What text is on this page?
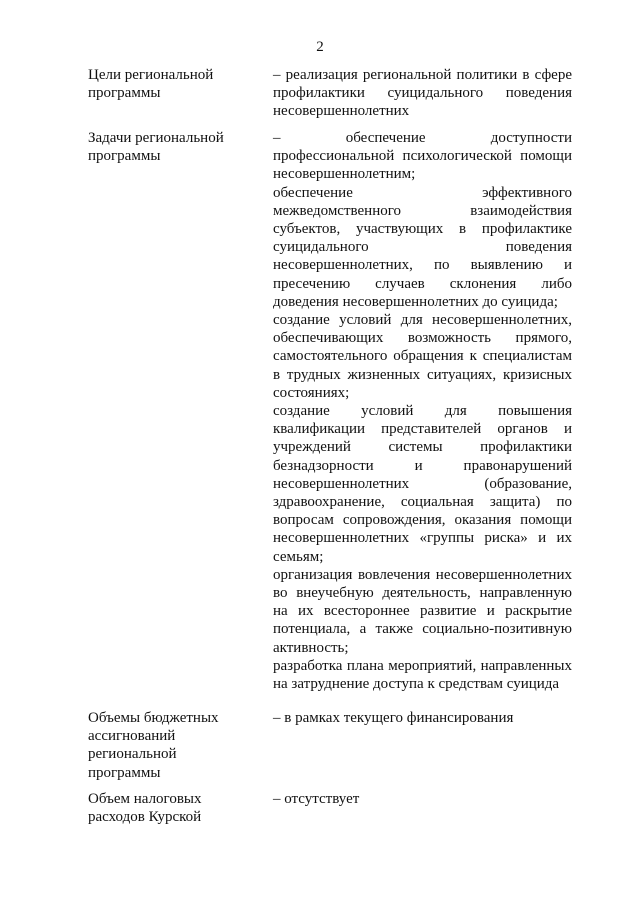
2
Цели региональной
программы

– реализация региональной политики в сфере профилактики суицидального поведения несовершеннолетних

Задачи региональной
программы

– обеспечение доступности профессиональной психологической помощи несовершеннолетним;

обеспечение эффективного межведомственного взаимодействия субъектов, участвующих в профилактике суицидального поведения несовершеннолетних, по выявлению и пресечению случаев склонения либо доведения несовершеннолетних до суицида;

создание условий для несовершеннолетних, обеспечивающих возможность прямого, самостоятельного обращения к специалистам в трудных жизненных ситуациях, кризисных состояниях;

создание условий для повышения квалификации представителей органов и учреждений системы профилактики безнадзорности и правонарушений несовершеннолетних (образование, здравоохранение, социальная защита) по вопросам сопровождения, оказания помощи несовершеннолетних «группы риска» и их семьям;

организация вовлечения несовершеннолетних во внеучебную деятельность, направленную на их всестороннее развитие и раскрытие потенциала, а также социально-позитивную активность;

разработка плана мероприятий, направленных на затруднение доступа к средствам суицида

Объемы бюджетных
ассигнований
региональной
программы

– в рамках текущего финансирования

Объем налоговых
расходов Курской

– отсутствует
